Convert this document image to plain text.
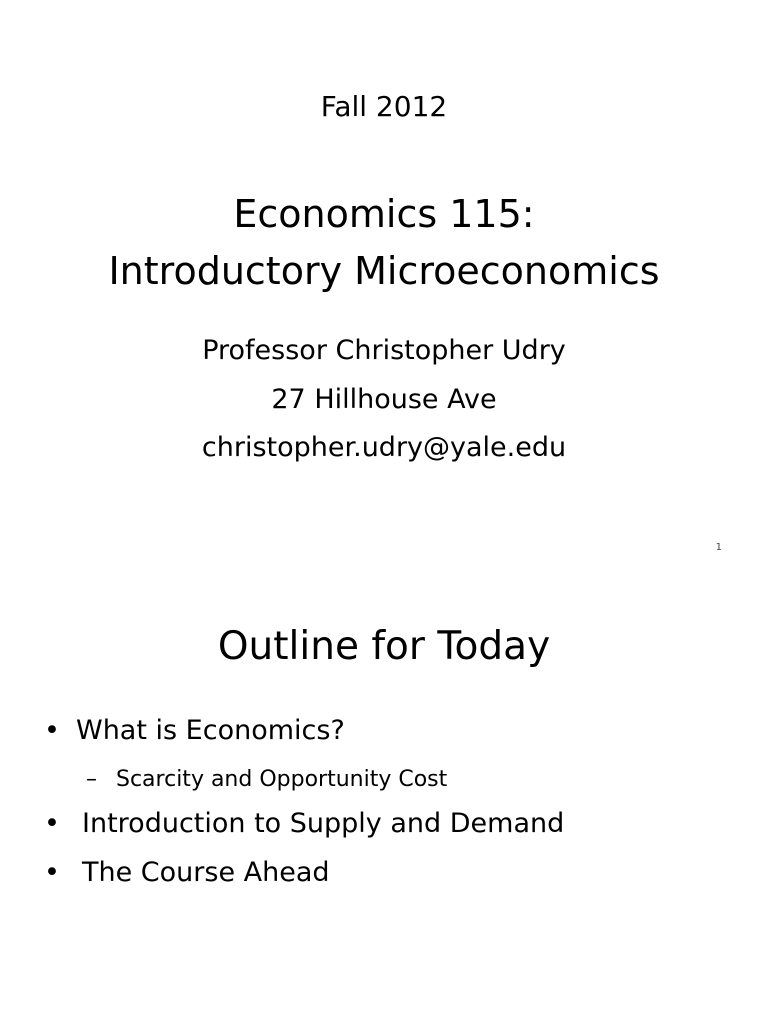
Fall 2012
Economics 115:
Introductory Microeconomics
Professor Christopher Udry
27 Hillhouse Ave
christopher.udry@yale.edu
1
Outline for Today
• What is Economics?
– Scarcity and Opportunity Cost
• Introduction to Supply and Demand
• The Course Ahead
